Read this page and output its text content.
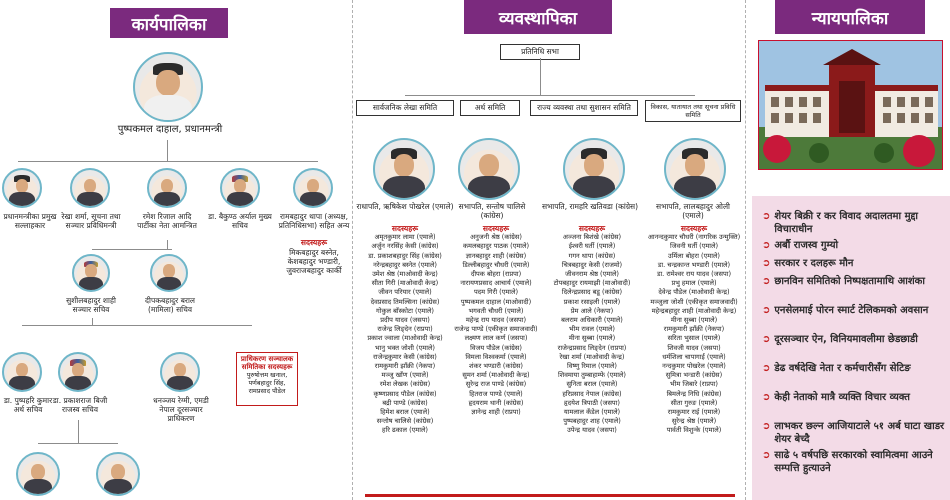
कार्यपालिका	व्यवस्थापिका	न्यायपालिका
पुष्पकमल दाहाल, प्रधानमन्त्री
प्रधानमन्त्रीका प्रमुख सल्लाहकार
रेखा शर्मा, सूचना तथा सञ्चार प्रविधिमन्त्री
रमेश रिजाल आदि पार्टीका नेता आमन्त्रित
डा. बैकुण्ठ अर्याल मुख्य सचिव
रामबहादुर थापा (अध्यक्ष, प्रतिनिधिसभा) सहित अन्य
सदस्यहरू
मिकबहादुर बस्नेत, केशबहादुर भण्डारी, जुवराजबहादुर कार्की
सुशीलबहादुर शाही सञ्चार सचिव
दीपकबहादुर बराल (मामिला) सचिव
डा. पुष्पहरि कुमार अर्थ सचिव
डा. प्रकाशराज बिजी राजस्व सचिव
धनञ्जय रेग्मी, एमडी नेपाल दूरसञ्चार प्राधिकरण
प्राधिकरण सञ्चालक समितिका सदस्यहरू
पुरुषोत्तम खनाल, पर्णबहादुर सिंह, रामप्रसाद पौडेल
प्रतिनिधि सभा
सार्वजनिक लेखा समिति	अर्थ समिति	राज्य व्यवस्था तथा सुशासन समिति	विकास, यातायात तथा सूचना प्रविधि समिति
राधापति, ऋषिकेश पोखरेल (एमाले) सभापति, सन्तोष चालिसे (कांग्रेस)
सभापति, रामहरि खतिवडा (कांग्रेस)	सभापति, लालबहादुर ओली (एमाले)
सदस्यहरू
अमृतकुमार लामा (एमाले)
अर्जुन नरसिंह केसी (कांग्रेस)
डा. प्रकाशबहादुर सिंह (कांग्रेस)
नरेन्द्रबहादुर बस्नेत (एमाले)
उमेश श्रेष्ठ (माओवादी केन्द्र)
सीता गिरी (माओवादी केन्द्र)
जीवन परियार (एमाले)
देवप्रसाद तिमल्सिना (कांग्रेस)
गोकुल बाँस्कोटा (एमाले)
प्रदीप यादव (जसपा)
राजेन्द्र लिङ्देन (राप्रपा)
प्रकाश ज्वाला (माओवादी केन्द्र)
भानु भक्त जोशी (एमाले)
राजेन्द्रकुमार केसी (कांग्रेस)
रामकुमारी झाँक्री (नेकपा)
मञ्जु खाँण (एमाले)
रमेश लेखक (कांग्रेस)
कृष्णप्रसाद पौडेल (कांग्रेस)
बद्री पाण्डे (कांग्रेस)
हिमेश बराल (एमाले)
सन्तोष चालिसे (कांग्रेस)
हरि ढकाल (एमाले)
सदस्यहरू
अनुजनी श्रेष्ठ (कांग्रेस)
कमलबहादुर पाठक (एमाले)
ज्ञानबहादुर शाही (कांग्रेस)
डिल्लीबहादुर चौधरी (एमाले)
दीपक बोहरा (राप्रपा)
नारायणप्रसाद आचार्य (एमाले)
पदम गिरी (एमाले)
पुष्पकमल दाहाल (माओवादी)
भगवती चौधरी (एमाले)
महेन्द्र राय यादव (जसपा)
राजेन्द्र पाण्डे (एकीकृत समाजवादी)
लक्ष्मण लाल कर्ण (जसपा)
विजय पौडेल (कांग्रेस)
विमला विश्वकर्मा (एमाले)
शंकर भण्डारी (कांग्रेस)
सुमन शर्मा (माओवादी केन्द्र)
सुरेन्द्र राज पाण्डे (कांग्रेस)
हितराज पाण्डे (एमाले)
हृदयराम थानी (कांग्रेस)
ज्ञानेन्द्र शाही (राप्रपा)
सदस्यहरू
अञ्जना बिशंखे (कांग्रेस)
ईश्वरी घर्ती (एमाले)
गगन थापा (कांग्रेस)
चित्रबहादुर केसी (राजमो)
जीवनराम श्रेष्ठ (एमाले)
टोपबहादुर रायमाझी (माओवादी)
दिलेन्द्रप्रसाद बडू (कांग्रेस)
प्रकाश रसाइली (एमाले)
प्रेम आले (नेकपा)
बलराम अधिकारी (एमाले)
भीम रावल (एमाले)
मीना सुब्बा (एमाले)
राजेन्द्रप्रसाद लिङ्देन (राप्रपा)
रेखा शर्मा (माओवादी केन्द्र)
विष्णु रिमाल (एमाले)
शिवमाया तुम्बाहाम्फे (एमाले)
सुनिता बराल (एमाले)
हरिप्रसाद नेपाल (कांग्रेस)
हृदयेश त्रिपाठी (जसपा)
यामलाल कँडेल (एमाले)
पुष्पबहादुर शाह (एमाले)
उपेन्द्र यादव (जसपा)
सदस्यहरू
आनन्दकुमार चौधरी (नागरिक उन्मुक्ति)
जिवनी घर्ती (एमाले)
उर्मिला बोहरा (एमाले)
डा. चन्द्रकान्त भण्डारी (एमाले)
डा. रामेश्वर राय यादव (जसपा)
प्रभु हमाल (एमाले)
देवेन्द्र पौडेल (माओवादी केन्द्र)
मञ्जुला जोशी (एकीकृत समाजवादी)
महेन्द्रबहादुर शाही (माओवादी केन्द्र)
मीना सुब्बा (एमाले)
रामकुमारी झाँक्री (नेकपा)
सरिता भुसाल (एमाले)
शिवजी यादव (जसपा)
धर्मशिला चापागाईं (एमाले)
नन्दकुमार पोखरेल (एमाले)
सुमित्रा भन्डारी (कांग्रेस)
भीम जिबारे (राप्रपा)
बिमलेन्द्र निधि (कांग्रेस)
सीता गुरुङ (एमाले)
रामकुमार राई (एमाले)
सुरेन्द्र श्रेष्ठ (एमाले)
पार्वती विशुन्के (एमाले)
➲ शेयर बिक्री र कर विवाद अदालतमा मुद्दा विचाराधीन
➲ अर्बौ राजस्व गुम्यो
➲ सरकार र दलहरू मौन
➲ छानविन समितिको निष्पक्षतामाथि आशंका
➲ एनसेलमाई पोरन स्मार्ट टेलिकमको अवसान
➲ दूरसञ्चार ऐन, विनियमावलीमा छेडछाडी
➲ डेढ वर्षदेखि नेता र कर्मचारीसँग सेटिङ
➲ केही नेताको मात्रै व्यक्ति विचार व्यक्त
➲ लाभकर छल्न आजियाटाले ५१ अर्ब घाटा खाडर शेयर बेच्दै
➲ साढे ५ वर्षपछि सरकारको स्वामित्वमा आउने सम्पत्ति हुत्याउने
